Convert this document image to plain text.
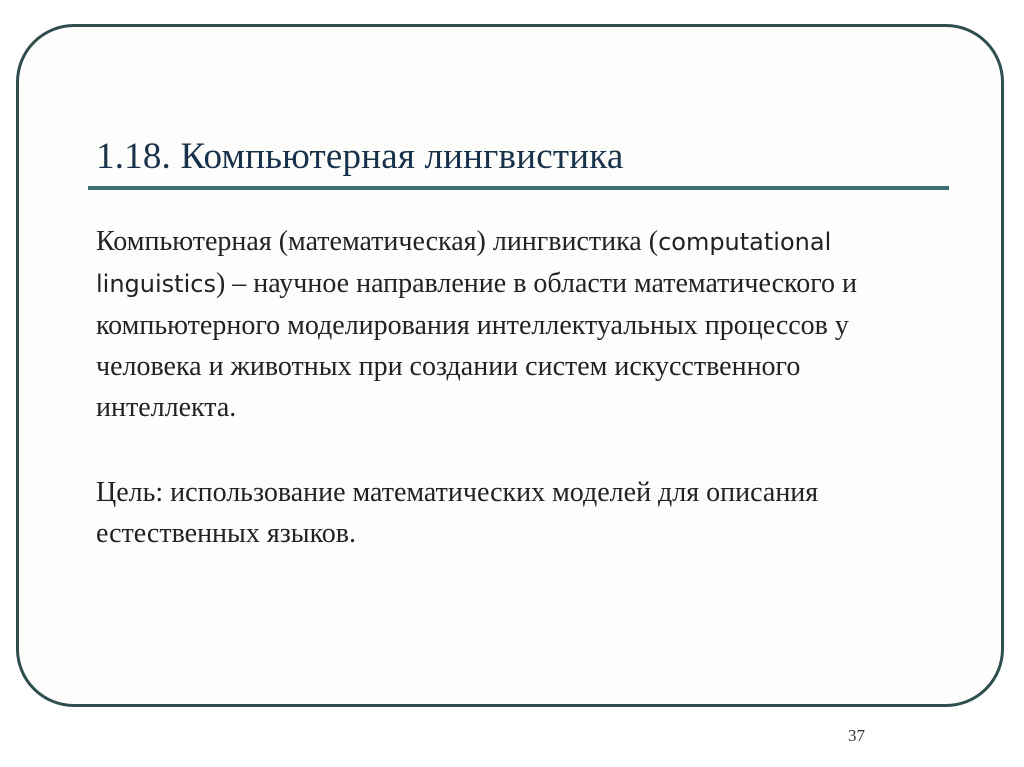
1.18. Компьютерная лингвистика

Компьютерная (математическая) лингвистика (computational linguistics) – научное направление в области математического и компьютерного моделирования интеллектуальных процессов у человека и животных при создании систем искусственного интеллекта.

Цель: использование математических моделей для описания естественных языков.

37
